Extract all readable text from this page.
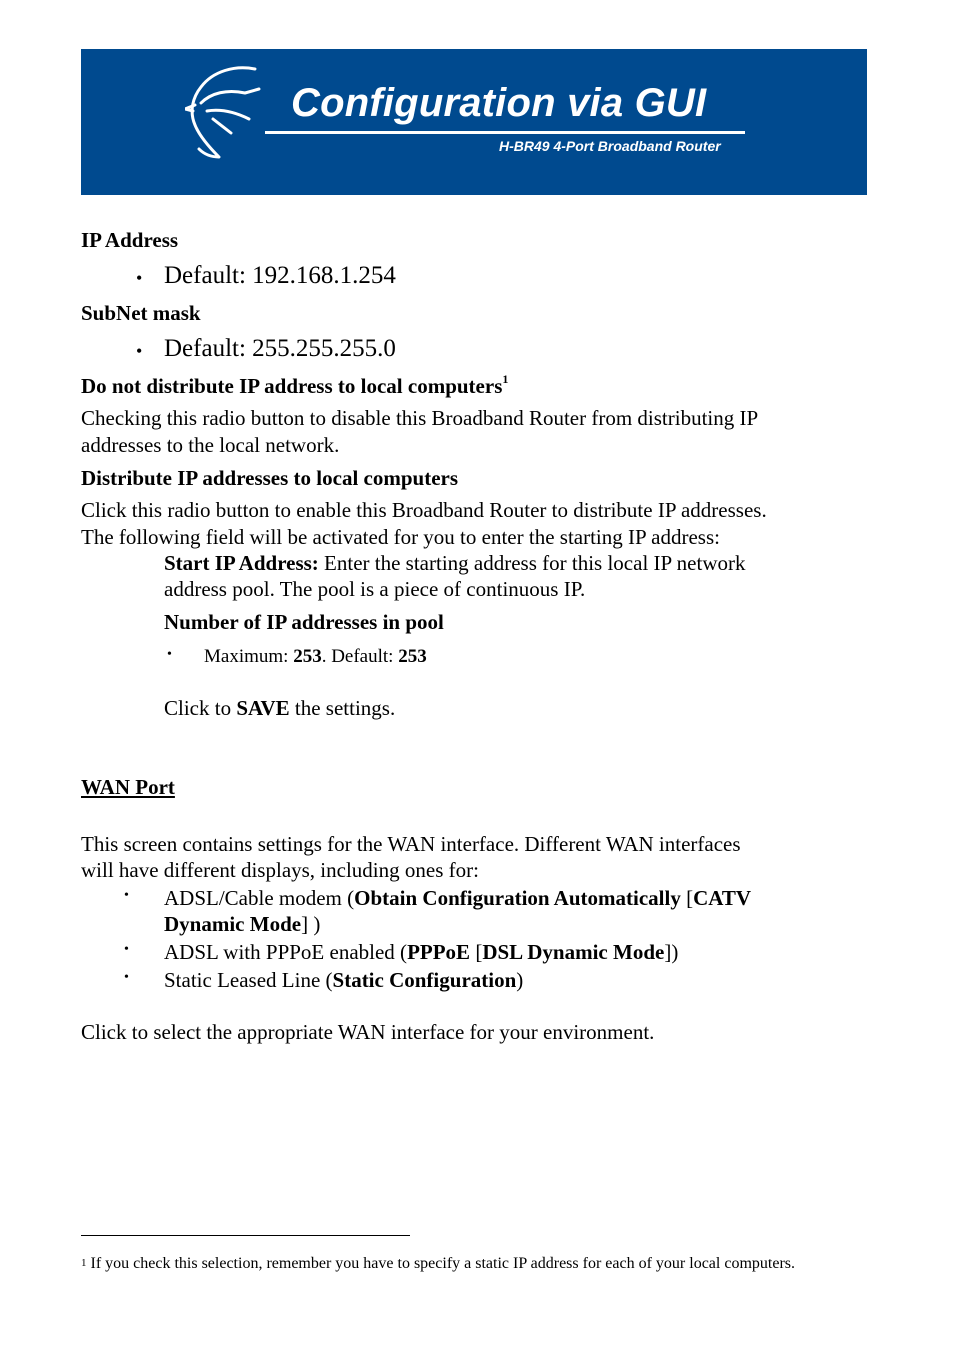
Configuration via GUI
H-BR49 4-Port Broadband Router
IP Address
• Default: 192.168.1.254
SubNet mask
• Default: 255.255.255.0
Do not distribute IP address to local computers$^1$
Checking this radio button to disable this Broadband Router from distributing IP
addresses to the local network.
Distribute IP addresses to local computers
Click this radio button to enable this Broadband Router to distribute IP addresses.
The following field will be activated for you to enter the starting IP address:
Start IP Address: Enter the starting address for this local IP network
address pool. The pool is a piece of continuous IP.
Number of IP addresses in pool
• Maximum: 253. Default: 253
Click to SAVE the settings.
WAN Port
This screen contains settings for the WAN interface. Different WAN interfaces
will have different displays, including ones for:
• ADSL/Cable modem (Obtain Configuration Automatically [CATV
Dynamic Mode] )
• ADSL with PPPoE enabled (PPPoE [DSL Dynamic Mode])
• Static Leased Line (Static Configuration)
Click to select the appropriate WAN interface for your environment.
$^1$ If you check this selection, remember you have to specify a static IP address for each of your local computers.
